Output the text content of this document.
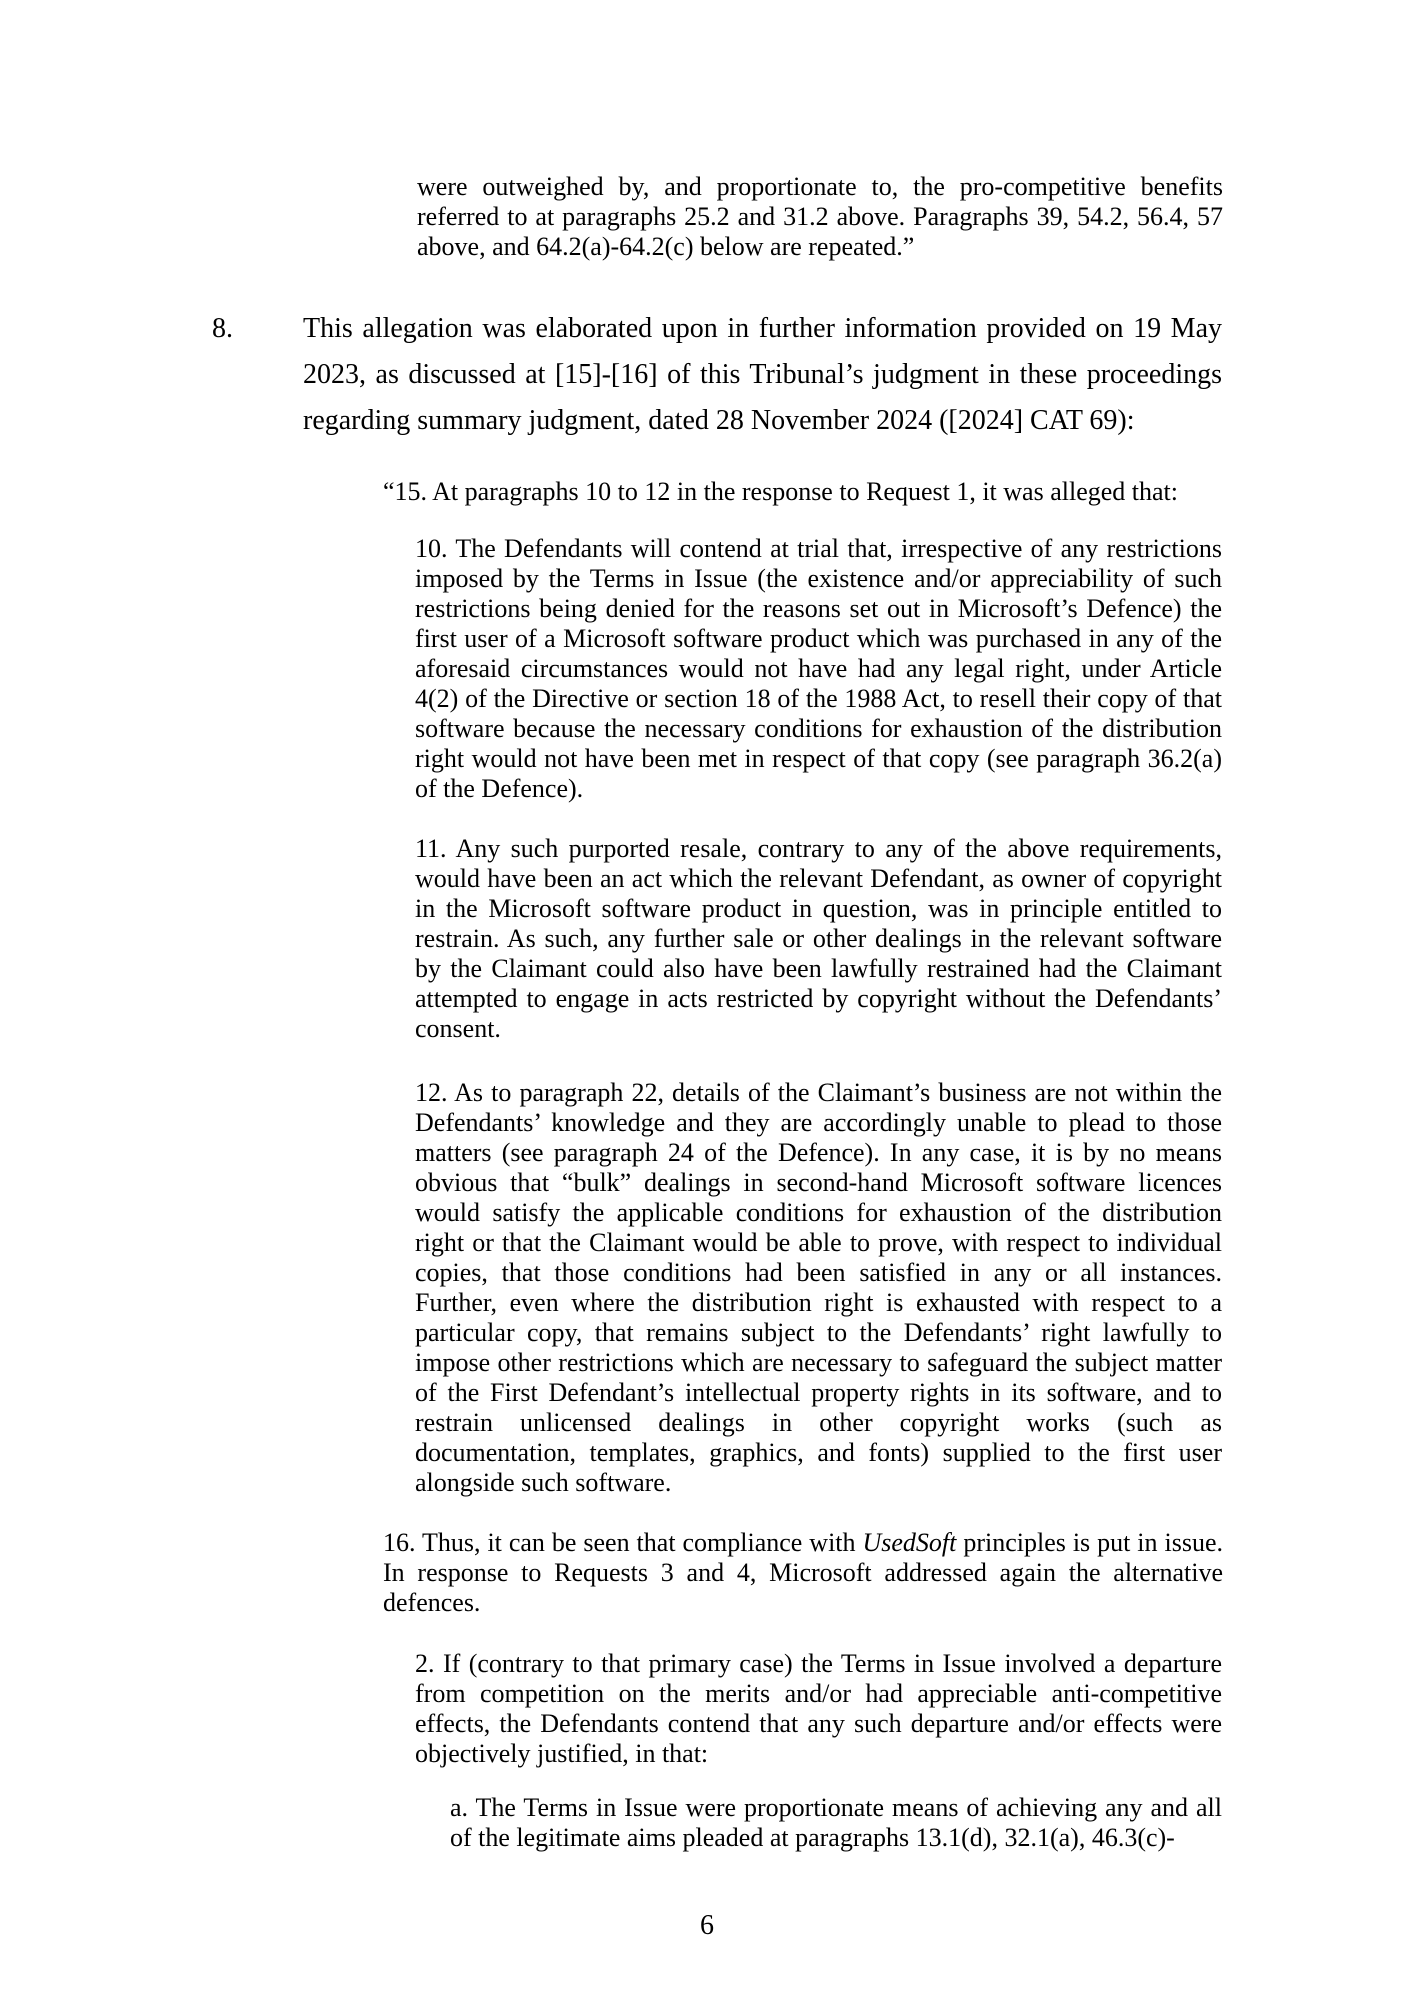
were outweighed by, and proportionate to, the pro-competitive benefits referred to at paragraphs 25.2 and 31.2 above. Paragraphs 39, 54.2, 56.4, 57 above, and 64.2(a)-64.2(c) below are repeated.”
8.	This allegation was elaborated upon in further information provided on 19 May 2023, as discussed at [15]-[16] of this Tribunal’s judgment in these proceedings regarding summary judgment, dated 28 November 2024 ([2024] CAT 69):
“15. At paragraphs 10 to 12 in the response to Request 1, it was alleged that:
10. The Defendants will contend at trial that, irrespective of any restrictions imposed by the Terms in Issue (the existence and/or appreciability of such restrictions being denied for the reasons set out in Microsoft’s Defence) the first user of a Microsoft software product which was purchased in any of the aforesaid circumstances would not have had any legal right, under Article 4(2) of the Directive or section 18 of the 1988 Act, to resell their copy of that software because the necessary conditions for exhaustion of the distribution right would not have been met in respect of that copy (see paragraph 36.2(a) of the Defence).
11. Any such purported resale, contrary to any of the above requirements, would have been an act which the relevant Defendant, as owner of copyright in the Microsoft software product in question, was in principle entitled to restrain. As such, any further sale or other dealings in the relevant software by the Claimant could also have been lawfully restrained had the Claimant attempted to engage in acts restricted by copyright without the Defendants’ consent.
12. As to paragraph 22, details of the Claimant’s business are not within the Defendants’ knowledge and they are accordingly unable to plead to those matters (see paragraph 24 of the Defence). In any case, it is by no means obvious that “bulk” dealings in second-hand Microsoft software licences would satisfy the applicable conditions for exhaustion of the distribution right or that the Claimant would be able to prove, with respect to individual copies, that those conditions had been satisfied in any or all instances. Further, even where the distribution right is exhausted with respect to a particular copy, that remains subject to the Defendants’ right lawfully to impose other restrictions which are necessary to safeguard the subject matter of the First Defendant’s intellectual property rights in its software, and to restrain unlicensed dealings in other copyright works (such as documentation, templates, graphics, and fonts) supplied to the first user alongside such software.
16. Thus, it can be seen that compliance with UsedSoft principles is put in issue. In response to Requests 3 and 4, Microsoft addressed again the alternative defences.
2. If (contrary to that primary case) the Terms in Issue involved a departure from competition on the merits and/or had appreciable anti-competitive effects, the Defendants contend that any such departure and/or effects were objectively justified, in that:
a. The Terms in Issue were proportionate means of achieving any and all of the legitimate aims pleaded at paragraphs 13.1(d), 32.1(a), 46.3(c)-
6
